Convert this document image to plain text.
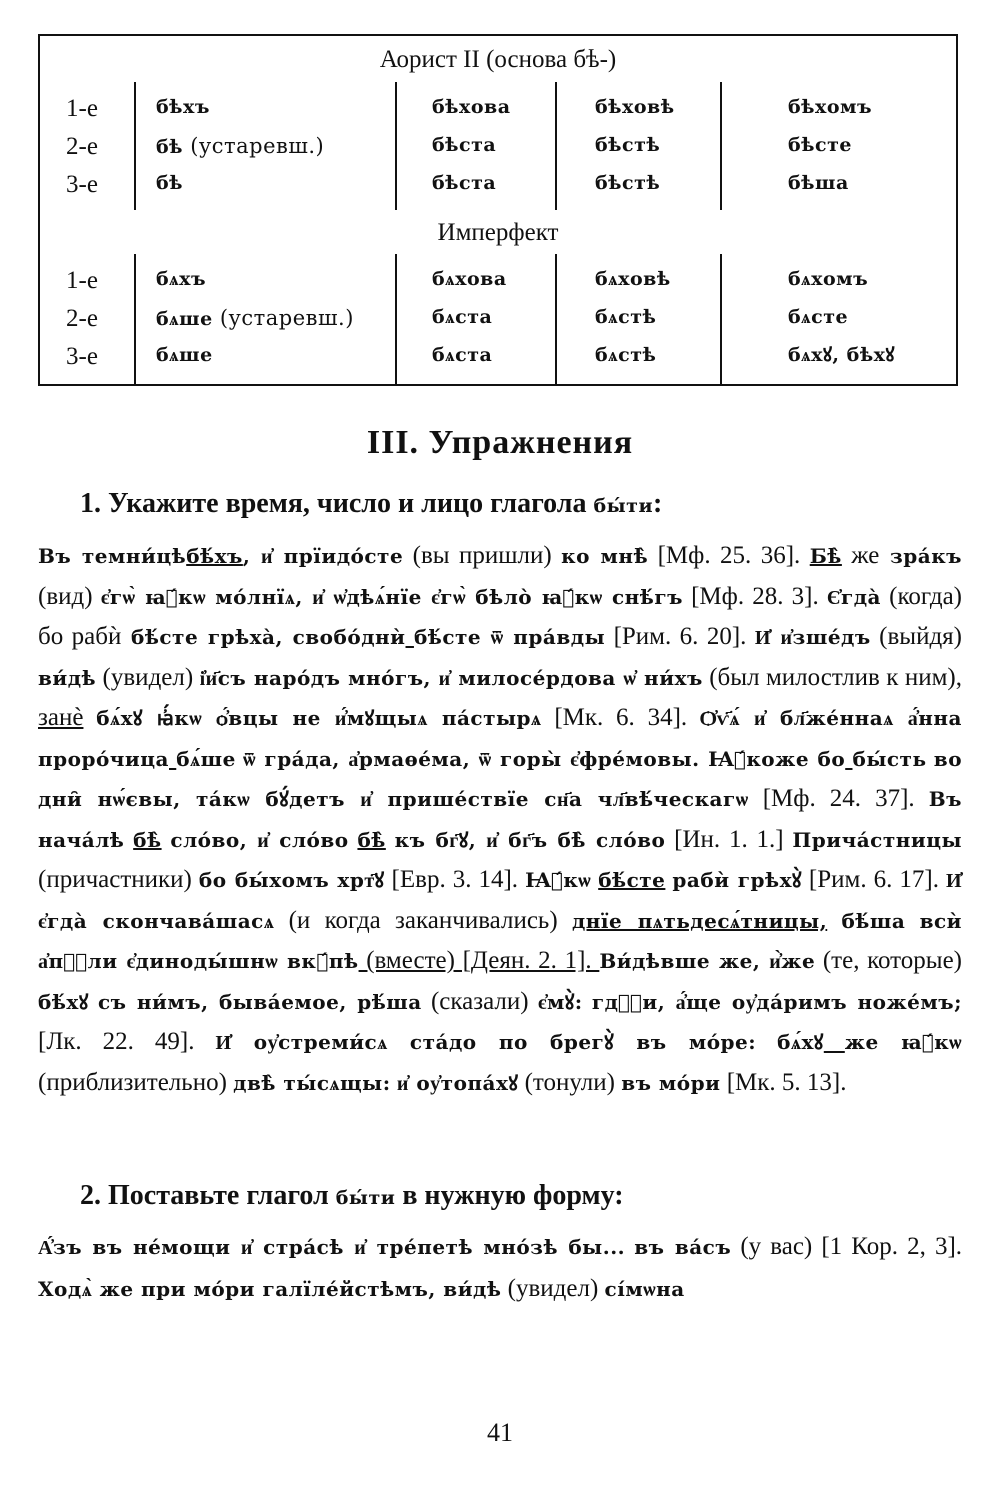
Аорист II (основа бѣ-)
Имперфект
1-е	бѣхъ	бѣхова	бѣховѣ	бѣхомъ
2-е	бѣ (устаревш.)	бѣста	бѣстѣ	бѣсте
3-е	бѣ	бѣста	бѣстѣ	бѣша
1-е	бѧхъ	бѧхова	бѧховѣ	бѧхомъ
2-е	бѧше (устаревш.)	бѧста	бѧстѣ	бѧсте
3-е	бѧше	бѧста	бѧстѣ	бѧхꙋ, бѣхꙋ
III. Упражнения
1. Укажите время, число и лицо глагола бы́ти:
Въ темни́цѣбѣ́хъ, и҆ прїидо́сте (вы пришли) ко мнѣ̀ [Мф. 25. 36]. Бѣ̀ же зра́къ (вид) є҆гѡ̀ ꙗ҆́кѡ мо́лнїѧ, и҆ ѡ҆дѣѧ́нїе є҆гѡ̀ бѣло̀ ꙗ҆́кѡ снѣ́гъ [Мф. 28. 3]. Є҆гда̀ (когда) бо рабѝ бѣ́сте грѣха̀, свобо́днѝ бѣ́сте ѿ пра́вды [Рим. 6. 20]. И҆ и҆зше́дъ (выйдя) ви́дѣ (увидел) і҆и҃съ наро́дъ мно́гъ, и҆ милосе́рдова ѡ҆ ни́хъ (был милостлив к ним), занѐ бѧ́хꙋ ꙗ҆́кѡ ѻ҆́вцы не и҆́мꙋщыѧ па́стырѧ [Мк. 6. 34]. Ѻ҆ѵ҃ѧ́ и҆ бл҃же́ннаѧ а҆́нна проро́чица бѧ́ше ѿ гра́да, а҆рмаѳе́ма, ѿ горы̀ є҆фре́мовы. Ꙗ҆́коже бо бы́сть во дни̑ нѡ́євы, та́кѡ бꙋ́детъ и҆ прише́ствїе сн҃а чл҃вѣ́ческагѡ [Мф. 24. 37]. Въ нача́лѣ бѣ̀ сло́во, и҆ сло́во бѣ̀ къ бг҃ꙋ, и҆ бг҃ъ бѣ̀ сло́во [Ин. 1. 1.] Прича́стницы (причастники) бо бы́хомъ хрт҃ꙋ [Евр. 3. 14]. Ꙗ҆́кѡ бѣ́сте рабѝ грѣхꙋ̀ [Рим. 6. 17]. И҆ є҆гда̀ скончава́шасѧ (и когда заканчивались) днїе пѧтьдесѧ́тницы, бѣ́ша всѝ а҆пⷭ҇ли є҆диноды́шнѡ вкꙋ́пѣ (вместе) [Деян. 2. 1]. Ви́дѣвше же, и҆̀же (те, которые) бѣ́хꙋ съ ни́мъ, быва́емое, рѣ́ша (сказали) є҆мꙋ̀: гдⷭ҇и, а҆́ще оу҆да́римъ ноже́мъ; [Лк. 22. 49]. И҆ оу҆стреми́сѧ ста́до по брегꙋ̀ въ мо́ре: бѧ́хꙋ же ꙗ҆́кѡ (приблизительно) двѣ̀ ты́сѧщы: и҆ оу҆топа́хꙋ (тонули) въ мо́ри [Мк. 5. 13].
2. Поставьте глагол бы́ти в нужную форму:
А҆́зъ въ не́мощи и҆ стра́сѣ и҆ тре́петѣ мно́зѣ бы... въ ва́съ (у вас) [1 Кор. 2, 3]. Ходѧ̀ же при мо́ри галїле́йстѣмъ, ви́дѣ (увидел) сі́мѡна
41
